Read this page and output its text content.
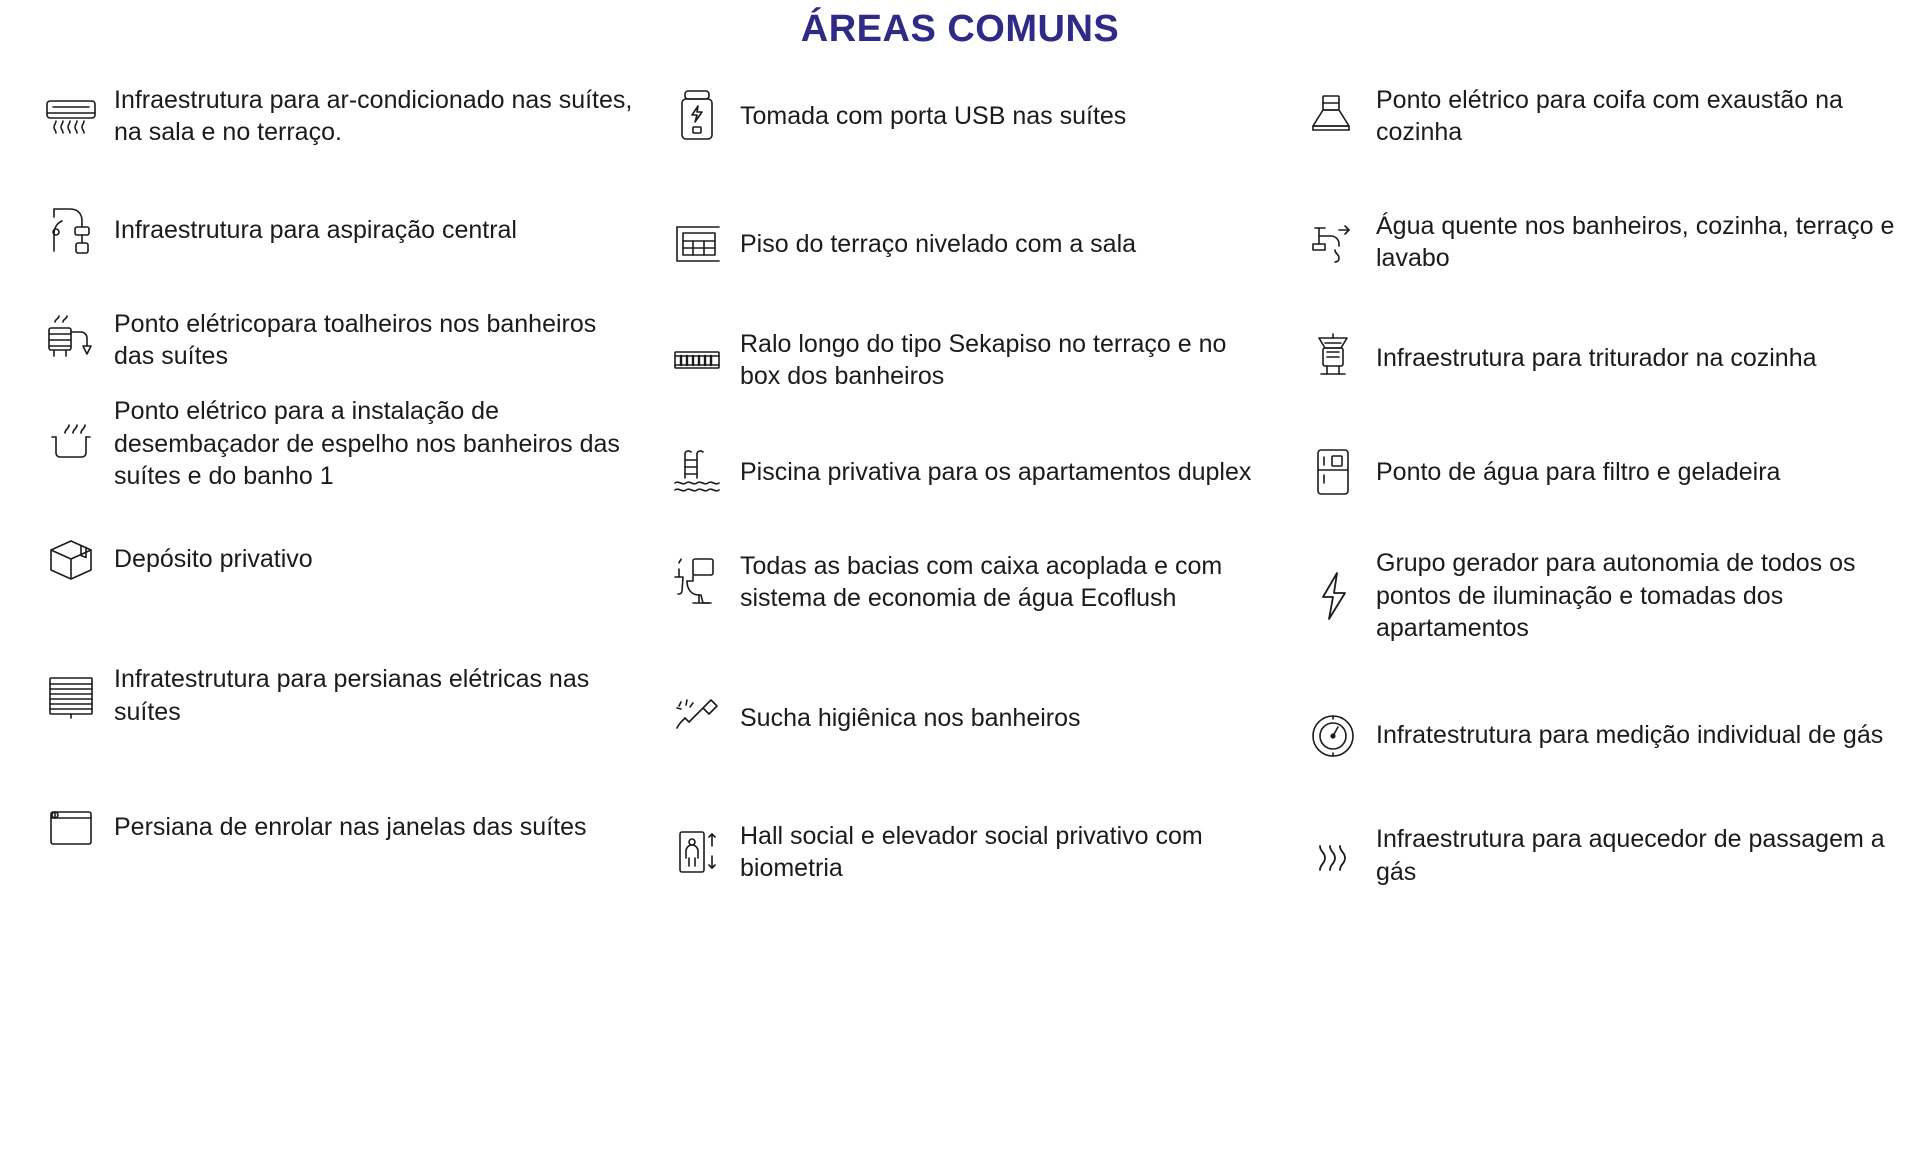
ÁREAS COMUNS
Infraestrutura para ar-condicionado nas suítes, na sala e no terraço.
Infraestrutura para aspiração central
Ponto elétricopara toalheiros nos banheiros das suítes
Ponto elétrico para a instalação de desembaçador de espelho nos banheiros das suítes e do banho 1
Depósito privativo
Infratestrutura para persianas elétricas nas suítes
Persiana de enrolar nas janelas das suítes
Tomada com porta USB nas suítes
Piso do terraço nivelado com a sala
Ralo longo do tipo Sekapiso no terraço e no box dos banheiros
Piscina privativa para os apartamentos duplex
Todas as bacias com caixa acoplada e com sistema de economia de água Ecoflush
Sucha higiênica nos banheiros
Hall social e elevador social privativo com biometria
Ponto elétrico para coifa com exaustão na cozinha
Água quente nos banheiros, cozinha, terraço e lavabo
Infraestrutura para triturador na cozinha
Ponto de água para filtro e geladeira
Grupo gerador para autonomia de todos os pontos de iluminação e tomadas dos apartamentos
Infratestrutura para medição individual de gás
Infraestrutura para aquecedor de passagem a gás
